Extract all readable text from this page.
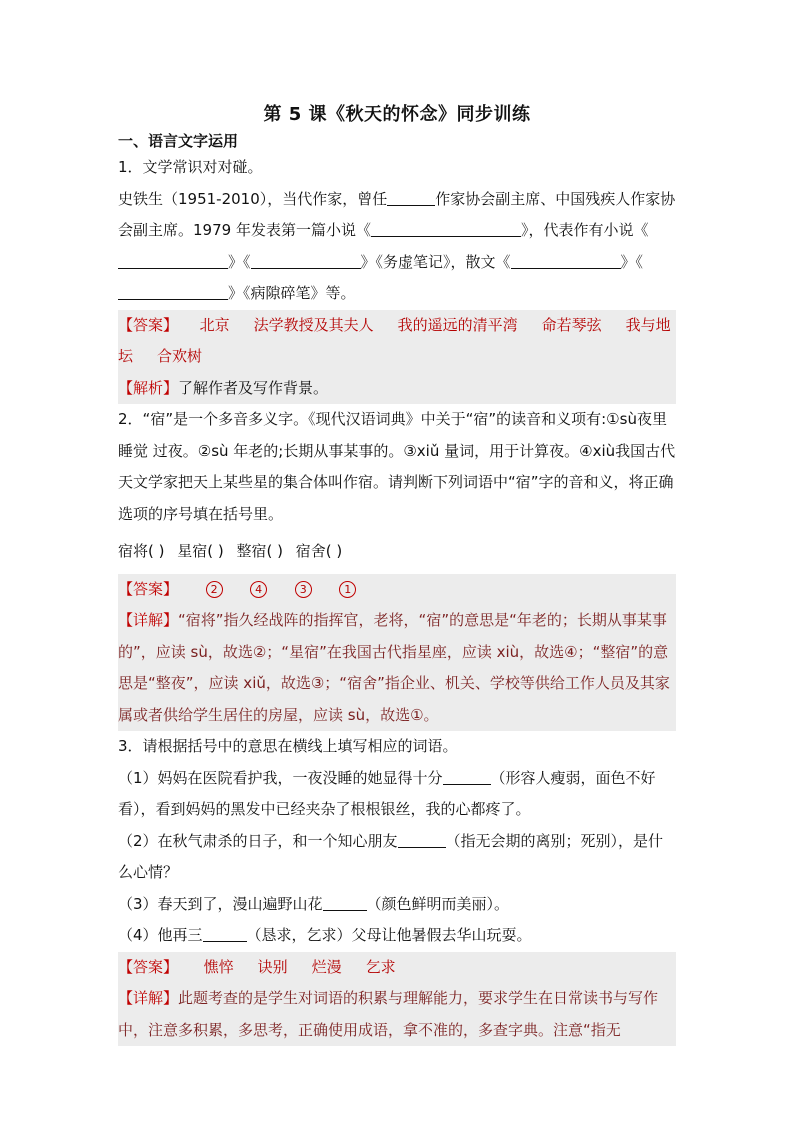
第 5 课《秋天的怀念》同步训练
一、语言文字运用
1．文学常识对对碰。
史铁生（1951-2010），当代作家，曾任	作家协会副主席、中国残疾人作家协会副主席。1979 年发表第一篇小说《	》，代表作有小说《》《	》《务虚笔记》，散文《	》《》《病隙碎笔》等。
【答案】 北京 法学教授及其夫人 我的遥远的清平湾 命若琴弦 我与地坛 合欢树
【解析】了解作者及写作背景。
2．“宿”是一个多音多义字。《现代汉语词典》中关于“宿”的读音和义项有:①sù夜里睡觉 过夜。②sù 年老的;长期从事某事的。③xiǔ 量词，用于计算夜。④xiù我国古代天文学家把天上某些星的集合体叫作宿。请判断下列词语中“宿”字的音和义，将正确选项的序号填在括号里。
宿将( ) 星宿( ) 整宿( ) 宿舍( )
【答案】	2	4	3	1
【详解】“宿将”指久经战阵的指挥官，老将，“宿”的意思是“年老的；长期从事某事的”，应读 sù，故选②；“星宿”在我国古代指星座，应读 xiù，故选④；“整宿”的意思是“整夜”，应读 xiǔ，故选③；“宿舍”指企业、机关、学校等供给工作人员及其家属或者供给学生居住的房屋，应读 sù，故选①。
3．请根据括号中的意思在横线上填写相应的词语。
（1）妈妈在医院看护我，一夜没睡的她显得十分	（形容人瘦弱，面色不好看），看到妈妈的黑发中已经夹杂了根根银丝，我的心都疼了。
（2）在秋气肃杀的日子，和一个知心朋友	（指无会期的离别；死别），是什么心情？
（3）春天到了，漫山遍野山花	（颜色鲜明而美丽）。
（4）他再三	（恳求，乞求）父母让他暑假去华山玩耍。
【答案】 憔悴 诀别 烂漫 乞求
【详解】此题考查的是学生对词语的积累与理解能力，要求学生在日常读书与写作中，注意多积累，多思考，正确使用成语，拿不准的，多查字典。注意“指无
